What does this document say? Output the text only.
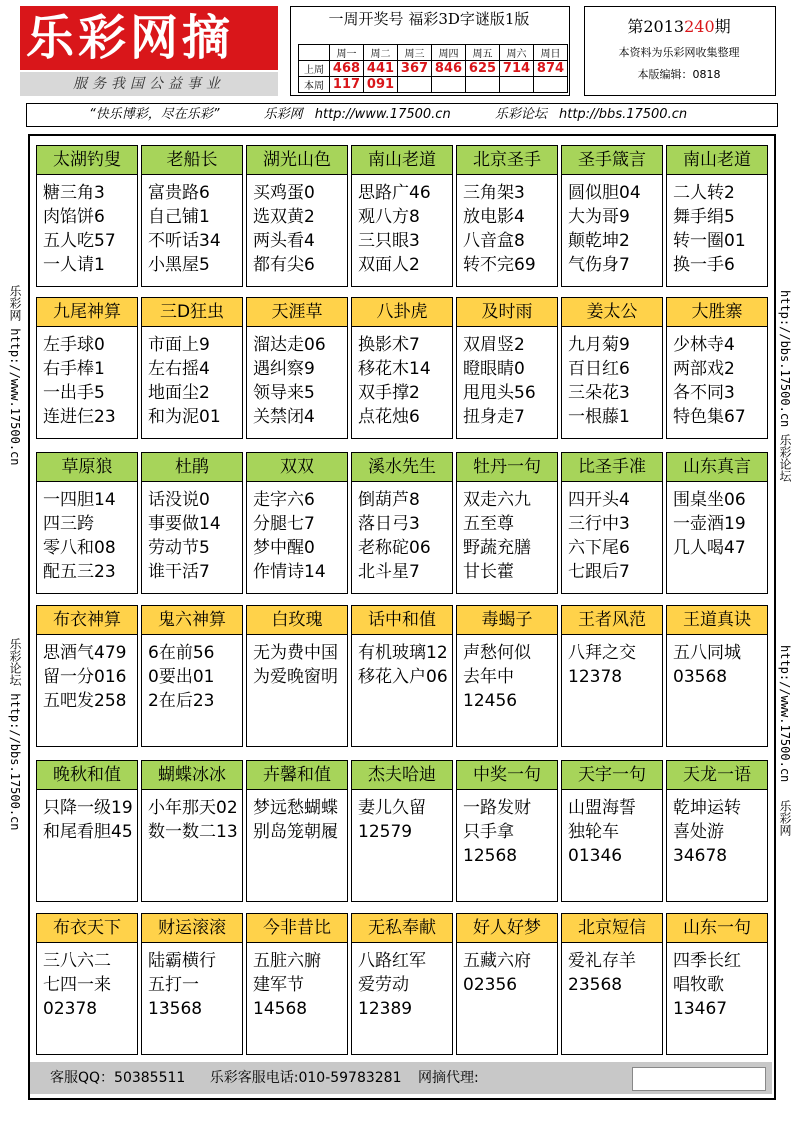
乐彩网摘
服务我国公益事业
一周开奖号 福彩3D字谜版1版
	周一	周二	周三	周四	周五	周六	周日
上周	468	441	367	846	625	714	874
本周	117	091					
第2013240期
本资料为乐彩网收集整理
本版编辑：0818
“快乐博彩，尽在乐彩”	乐彩网 http://www.17500.cn	乐彩论坛 http://bbs.17500.cn
乐彩网 http://www.17500.cn
乐彩论坛 http://bbs.17500.cn
http://bbs.17500.cn
乐彩论坛
http://www.17500.cn
乐彩网
太湖钓叟
糖三角3
肉馅饼6
五人吃57
一人请1
老船长
富贵路6
自己铺1
不听话34
小黑屋5
湖光山色
买鸡蛋0
选双黄2
两头看4
都有尖6
南山老道
思路广46
观八方8
三只眼3
双面人2
北京圣手
三角架3
放电影4
八音盒8
转不完69
圣手箴言
圆似胆04
大为哥9
颠乾坤2
气伤身7
南山老道
二人转2
舞手绢5
转一圈01
换一手6
九尾神算
左手球0
右手棒1
一出手5
连进仨23
三D狂虫
市面上9
左右摇4
地面尘2
和为泥01
天涯草
溜达走06
遇纠察9
领导来5
关禁闭4
八卦虎
换影术7
移花木14
双手撑2
点花烛6
及时雨
双眉竖2
瞪眼睛0
甩甩头56
扭身走7
姜太公
九月菊9
百日红6
三朵花3
一根藤1
大胜寨
少林寺4
两部戏2
各不同3
特色集67
草原狼
一四胆14
四三跨
零八和08
配五三23
杜鹃
话没说0
事要做14
劳动节5
谁干活7
双双
走字六6
分腿七7
梦中醒0
作情诗14
溪水先生
倒葫芦8
落日弓3
老称砣06
北斗星7
牡丹一句
双走六九
五至尊
野蔬充膳
甘长藿
比圣手准
四开头4
三行中3
六下尾6
七跟后7
山东真言
围桌坐06
一壶酒19
几人喝47
布衣神算
思酒气479
留一分016
五吧发258
鬼六神算
6在前56
0要出01
2在后23
白玫瑰
无为费中国
为爱晚窗明
话中和值
有机玻璃12
移花入户06
毒蝎子
声愁何似
去年中
12456
王者风范
八拜之交
12378
王道真诀
五八同城
03568
晚秋和值
只降一级19
和尾看胆45
蝴蝶冰冰
小年那天02
数一数二13
卉馨和值
梦远愁蝴蝶
别岛笼朝履
杰夫哈迪
妻儿久留
12579
中奖一句
一路发财
只手拿
12568
天宇一句
山盟海誓
独轮车
01346
天龙一语
乾坤运转
喜处游
34678
布衣天下
三八六二
七四一来
02378
财运滚滚
陆霸横行
五打一
13568
今非昔比
五脏六腑
建军节
14568
无私奉献
八路红军
爱劳动
12389
好人好梦
五藏六府
02356
北京短信
爱礼存羊
23568
山东一句
四季长红
唱牧歌
13467
客服QQ：50385511 乐彩客服电话:010-59783281 网摘代理:
